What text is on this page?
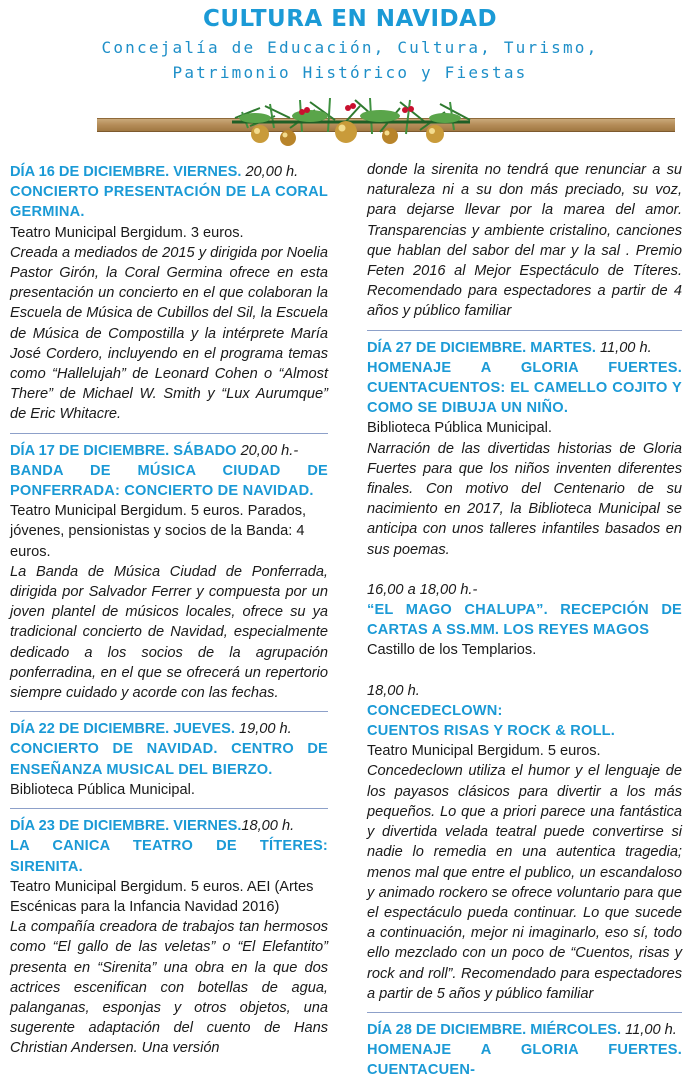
CULTURA EN NAVIDAD

Concejalía de Educación, Cultura, Turismo,

Patrimonio Histórico y Fiestas

DÍA 16 DE DICIEMBRE. VIERNES. 20,00 h.

CONCIERTO PRESENTACIÓN DE LA CORAL GERMINA.

Teatro Municipal Bergidum. 3 euros.

Creada a mediados de 2015 y dirigida por Noelia Pastor Girón, la Coral Germina ofrece en esta presentación un concierto en el que colaboran la Escuela de Música de Cubillos del Sil, la Escuela de Música de Compostilla y la intérprete María José Cordero, incluyendo en el programa temas como “Hallelujah” de Leonard Cohen o “Almost There” de Michael W. Smith y “Lux Aurumque” de Eric Whitacre.

DÍA 17 DE DICIEMBRE. SÁBADO 20,00 h.-

BANDA DE MÚSICA CIUDAD DE PONFERRADA: CONCIERTO DE NAVIDAD.

Teatro Municipal Bergidum. 5 euros. Parados, jóvenes, pensionistas y socios de la Banda: 4 euros.

La Banda de Música Ciudad de Ponferrada, dirigida por Salvador Ferrer y compuesta por un joven plantel de músicos locales, ofrece su ya tradicional concierto de Navidad, especialmente dedicado a los socios de la agrupación ponferradina, en el que se ofrecerá un repertorio siempre cuidado y acorde con las fechas.

DÍA 22 DE DICIEMBRE. JUEVES. 19,00 h.

CONCIERTO DE NAVIDAD. CENTRO DE ENSEÑANZA MUSICAL DEL BIERZO.

Biblioteca Pública Municipal.

DÍA 23 DE DICIEMBRE. VIERNES.18,00 h.

LA CANICA TEATRO DE TÍTERES: SIRENITA.

Teatro Municipal Bergidum. 5 euros. AEI (Artes Escénicas para la Infancia Navidad 2016)

La compañía creadora de trabajos tan hermosos como “El gallo de las veletas” o “El Elefantito” presenta en “Sirenita” una obra en la que dos actrices escenifican con botellas de agua, palanganas, esponjas y otros objetos, una sugerente adaptación del cuento de Hans Christian Andersen. Una versión

donde la sirenita no tendrá que renunciar a su naturaleza ni a su don más preciado, su voz, para dejarse llevar por la marea del amor. Transparencias y ambiente cristalino, canciones que hablan del sabor del mar y la sal . Premio Feten 2016 al Mejor Espectáculo de Títeres. Recomendado para espectadores a partir de 4 años y público familiar

DÍA 27 DE DICIEMBRE. MARTES. 11,00 h.

HOMENAJE A GLORIA FUERTES. CUENTACUENTOS: EL CAMELLO COJITO Y COMO SE DIBUJA UN NIÑO.

Biblioteca Pública Municipal.

Narración de las divertidas historias de Gloria Fuertes para que los niños inventen diferentes finales. Con motivo del Centenario de su nacimiento en 2017, la Biblioteca Municipal se anticipa con unos talleres infantiles basados en sus poemas.

16,00 a 18,00 h.-

“EL MAGO CHALUPA”. RECEPCIÓN DE CARTAS A SS.MM. LOS REYES MAGOS

Castillo de los Templarios.

18,00 h.

CONCEDECLOWN:

CUENTOS RISAS Y ROCK & ROLL.

Teatro Municipal Bergidum. 5 euros.

Concedeclown utiliza el humor y el lenguaje de los payasos clásicos para divertir a los más pequeños. Lo que a priori parece una fantástica y divertida velada teatral puede convertirse si nadie lo remedia en una autentica tragedia; menos mal que entre el publico, un escandaloso y animado rockero se ofrece voluntario para que el espectáculo pueda continuar. Lo que sucede a continuación, mejor ni imaginarlo, eso sí, todo ello mezclado con un poco de “Cuentos, risas y rock and roll”. Recomendado para espectadores a partir de 5 años y público familiar

DÍA 28 DE DICIEMBRE. MIÉRCOLES. 11,00 h.

HOMENAJE A GLORIA FUERTES. CUENTACUEN-
